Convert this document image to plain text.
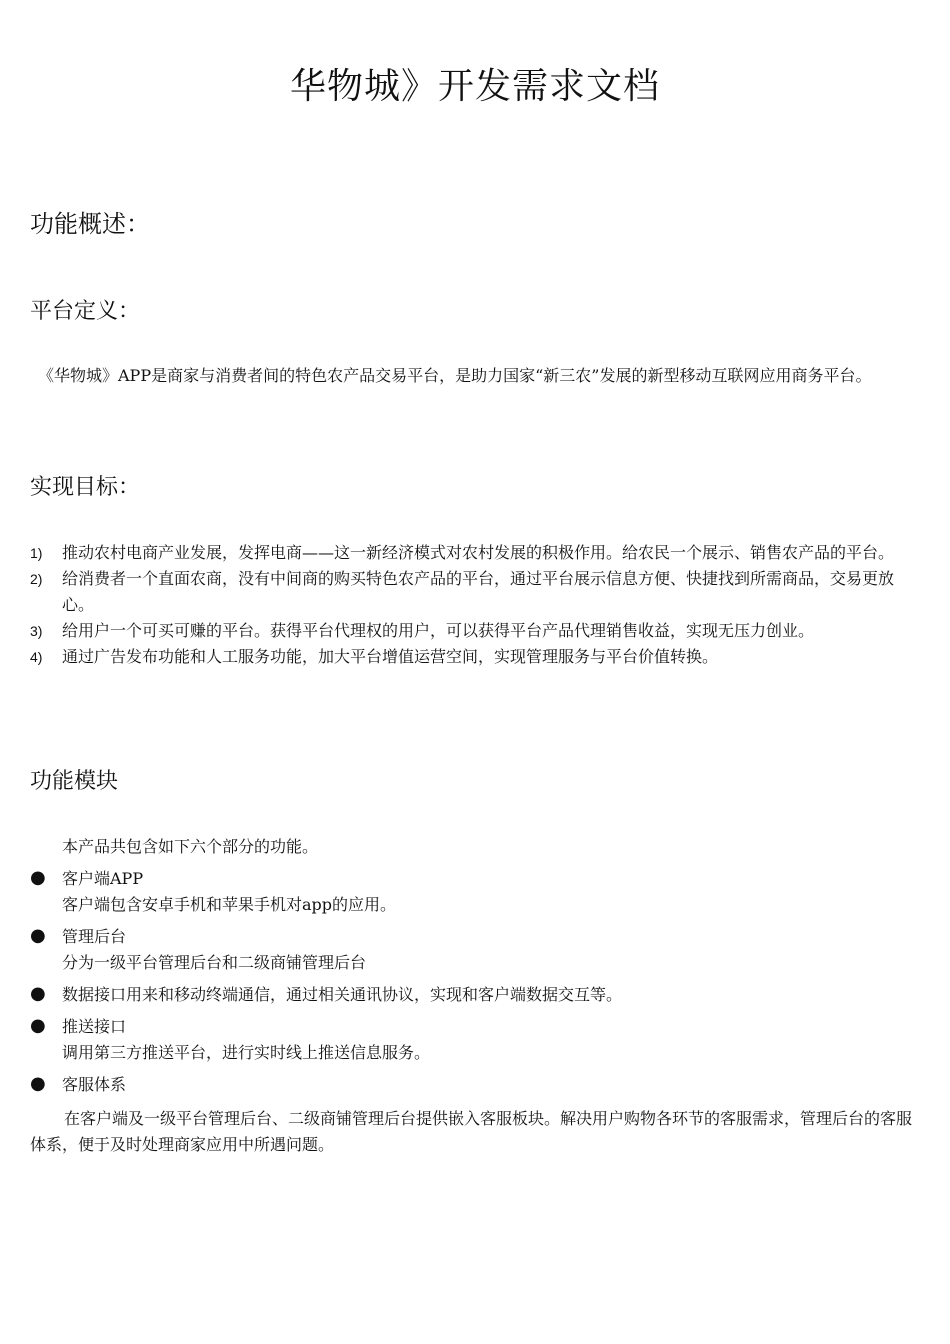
华物城》开发需求文档
功能概述：
平台定义：

《华物城》APP是商家与消费者间的特色农产品交易平台，是助力国家“新三农”发展的新型移动互联网应用商务平台。

实现目标：
1) 推动农村电商产业发展，发挥电商——这一新经济模式对农村发展的积极作用。给农民一个展示、销售农产品的平台。
2) 给消费者一个直面农商，没有中间商的购买特色农产品的平台，通过平台展示信息方便、快捷找到所需商品，交易更放心。
3) 给用户一个可买可赚的平台。获得平台代理权的用户，可以获得平台产品代理销售收益，实现无压力创业。
4) 通过广告发布功能和人工服务功能，加大平台增值运营空间，实现管理服务与平台价值转换。
功能模块

本产品共包含如下六个部分的功能。

● 客户端APP
客户端包含安卓手机和苹果手机对app的应用。
● 管理后台
分为一级平台管理后台和二级商铺管理后台
● 数据接口用来和移动终端通信，通过相关通讯协议，实现和客户端数据交互等。
● 推送接口
调用第三方推送平台，进行实时线上推送信息服务。
● 客服体系

在客户端及一级平台管理后台、二级商铺管理后台提供嵌入客服板块。解决用户购物各环节的客服需求，管理后台的客服体系，便于及时处理商家应用中所遇问题。
